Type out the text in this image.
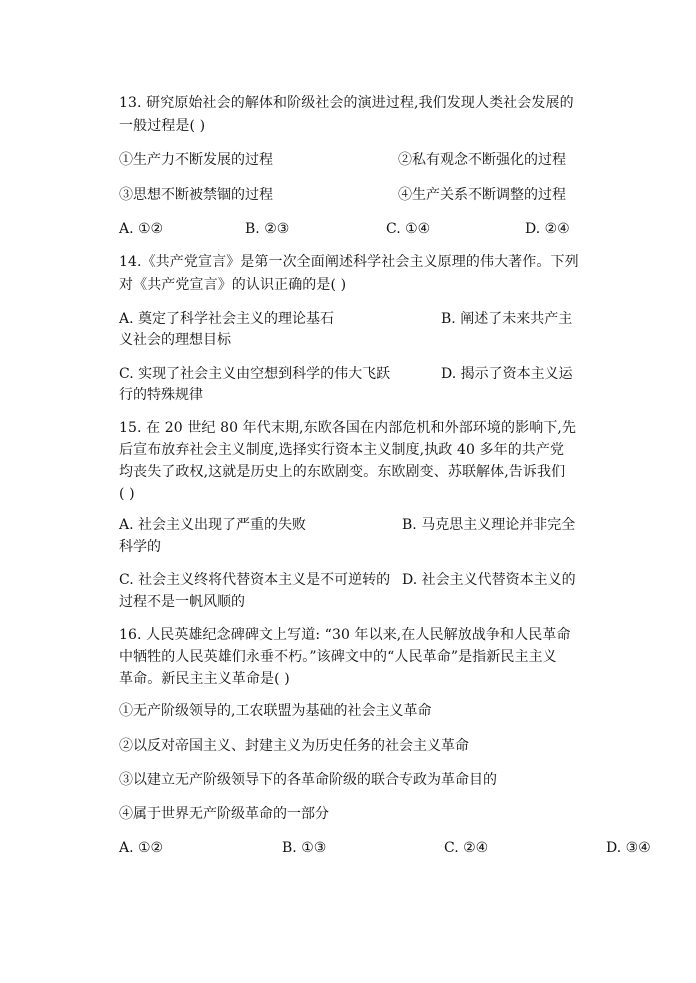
13. 研究原始社会的解体和阶级社会的演进过程,我们发现人类社会发展的
一般过程是( )
①生产力不断发展的过程	②私有观念不断强化的过程
③思想不断被禁锢的过程	④生产关系不断调整的过程
A. ①②	B. ②③	C. ①④	D. ②④
14.《共产党宣言》是第一次全面阐述科学社会主义原理的伟大著作。下列
对《共产党宣言》的认识正确的是( )
A. 奠定了科学社会主义的理论基石	B. 阐述了未来共产主
义社会的理想目标
C. 实现了社会主义由空想到科学的伟大飞跃	D. 揭示了资本主义运
行的特殊规律
15. 在 20 世纪 80 年代末期,东欧各国在内部危机和外部环境的影响下,先
后宣布放弃社会主义制度,选择实行资本主义制度,执政 40 多年的共产党
均丧失了政权,这就是历史上的东欧剧变。东欧剧变、苏联解体,告诉我们
( )
A. 社会主义出现了严重的失败	B. 马克思主义理论并非完全
科学的
C. 社会主义终将代替资本主义是不可逆转的 D. 社会主义代替资本主义的
过程不是一帆风顺的
16. 人民英雄纪念碑碑文上写道: “30 年以来,在人民解放战争和人民革命
中牺牲的人民英雄们永垂不朽。”该碑文中的“人民革命”是指新民主主义
革命。新民主主义革命是( )
①无产阶级领导的,工农联盟为基础的社会主义革命
②以反对帝国主义、封建主义为历史任务的社会主义革命
③以建立无产阶级领导下的各革命阶级的联合专政为革命目的
④属于世界无产阶级革命的一部分
A. ①②	B. ①③	C. ②④	D. ③④
